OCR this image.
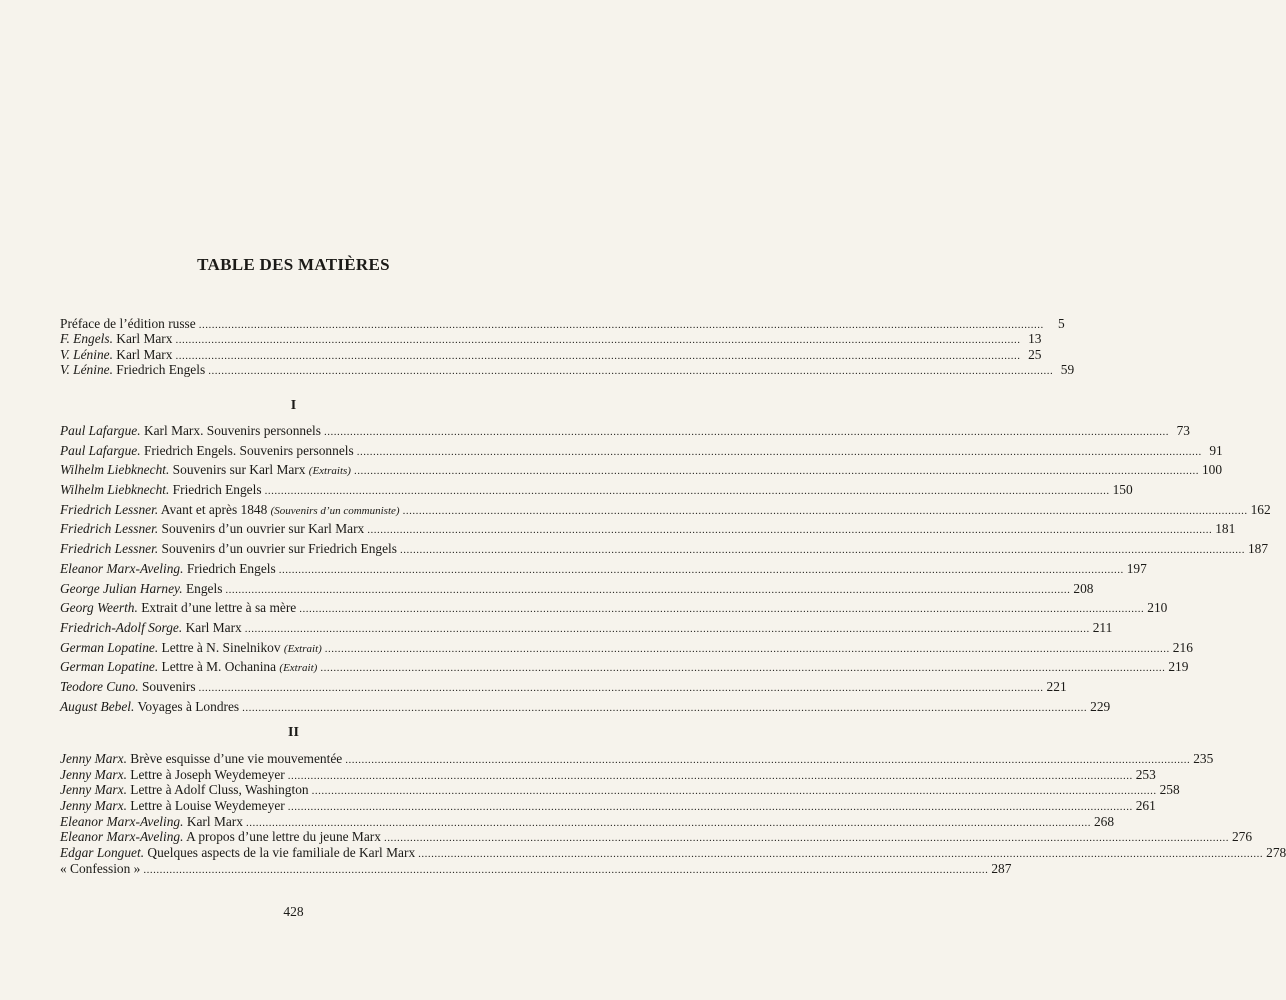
TABLE DES MATIÈRES
Préface de l’édition russe ....................................................................................................................................................................................................................................................................	5
F. Engels. Karl Marx .................................................................................................................................................................................................................................................................... 13
V. Lénine. Karl Marx .................................................................................................................................................................................................................................................................... 25
V. Lénine. Friedrich Engels .................................................................................................................................................................................................................................................................... 59
I
Paul Lafargue. Karl Marx. Souvenirs personnels .................................................................................................................................................................................................................................................................... 73
Paul Lafargue. Friedrich Engels. Souvenirs personnels .................................................................................................................................................................................................................................................................... 91
Wilhelm Liebknecht. Souvenirs sur Karl Marx (Extraits) .................................................................................................................................................................................................................................................................... 100
Wilhelm Liebknecht. Friedrich Engels .................................................................................................................................................................................................................................................................... 150
Friedrich Lessner. Avant et après 1848 (Souvenirs d’un communiste) .................................................................................................................................................................................................................................................................... 162
Friedrich Lessner. Souvenirs d’un ouvrier sur Karl Marx .................................................................................................................................................................................................................................................................... 181
Friedrich Lessner. Souvenirs d’un ouvrier sur Friedrich Engels .................................................................................................................................................................................................................................................................... 187
Eleanor Marx-Aveling. Friedrich Engels .................................................................................................................................................................................................................................................................... 197
George Julian Harney. Engels .................................................................................................................................................................................................................................................................... 208
Georg Weerth. Extrait d’une lettre à sa mère .................................................................................................................................................................................................................................................................... 210
Friedrich-Adolf Sorge. Karl Marx .................................................................................................................................................................................................................................................................... 211
German Lopatine. Lettre à N. Sinelnikov (Extrait) .................................................................................................................................................................................................................................................................... 216
German Lopatine. Lettre à M. Ochanina (Extrait) .................................................................................................................................................................................................................................................................... 219
Teodore Cuno. Souvenirs .................................................................................................................................................................................................................................................................... 221
August Bebel. Voyages à Londres .................................................................................................................................................................................................................................................................... 229
II
Jenny Marx. Brève esquisse d’une vie mouvementée .................................................................................................................................................................................................................................................................... 235
Jenny Marx. Lettre à Joseph Weydemeyer .................................................................................................................................................................................................................................................................... 253
Jenny Marx. Lettre à Adolf Cluss, Washington .................................................................................................................................................................................................................................................................... 258
Jenny Marx. Lettre à Louise Weydemeyer .................................................................................................................................................................................................................................................................... 261
Eleanor Marx-Aveling. Karl Marx .................................................................................................................................................................................................................................................................... 268
Eleanor Marx-Aveling. A propos d’une lettre du jeune Marx .................................................................................................................................................................................................................................................................... 276
Edgar Longuet. Quelques aspects de la vie familiale de Karl Marx .................................................................................................................................................................................................................................................................... 278
« Confession » .................................................................................................................................................................................................................................................................... 287
428
